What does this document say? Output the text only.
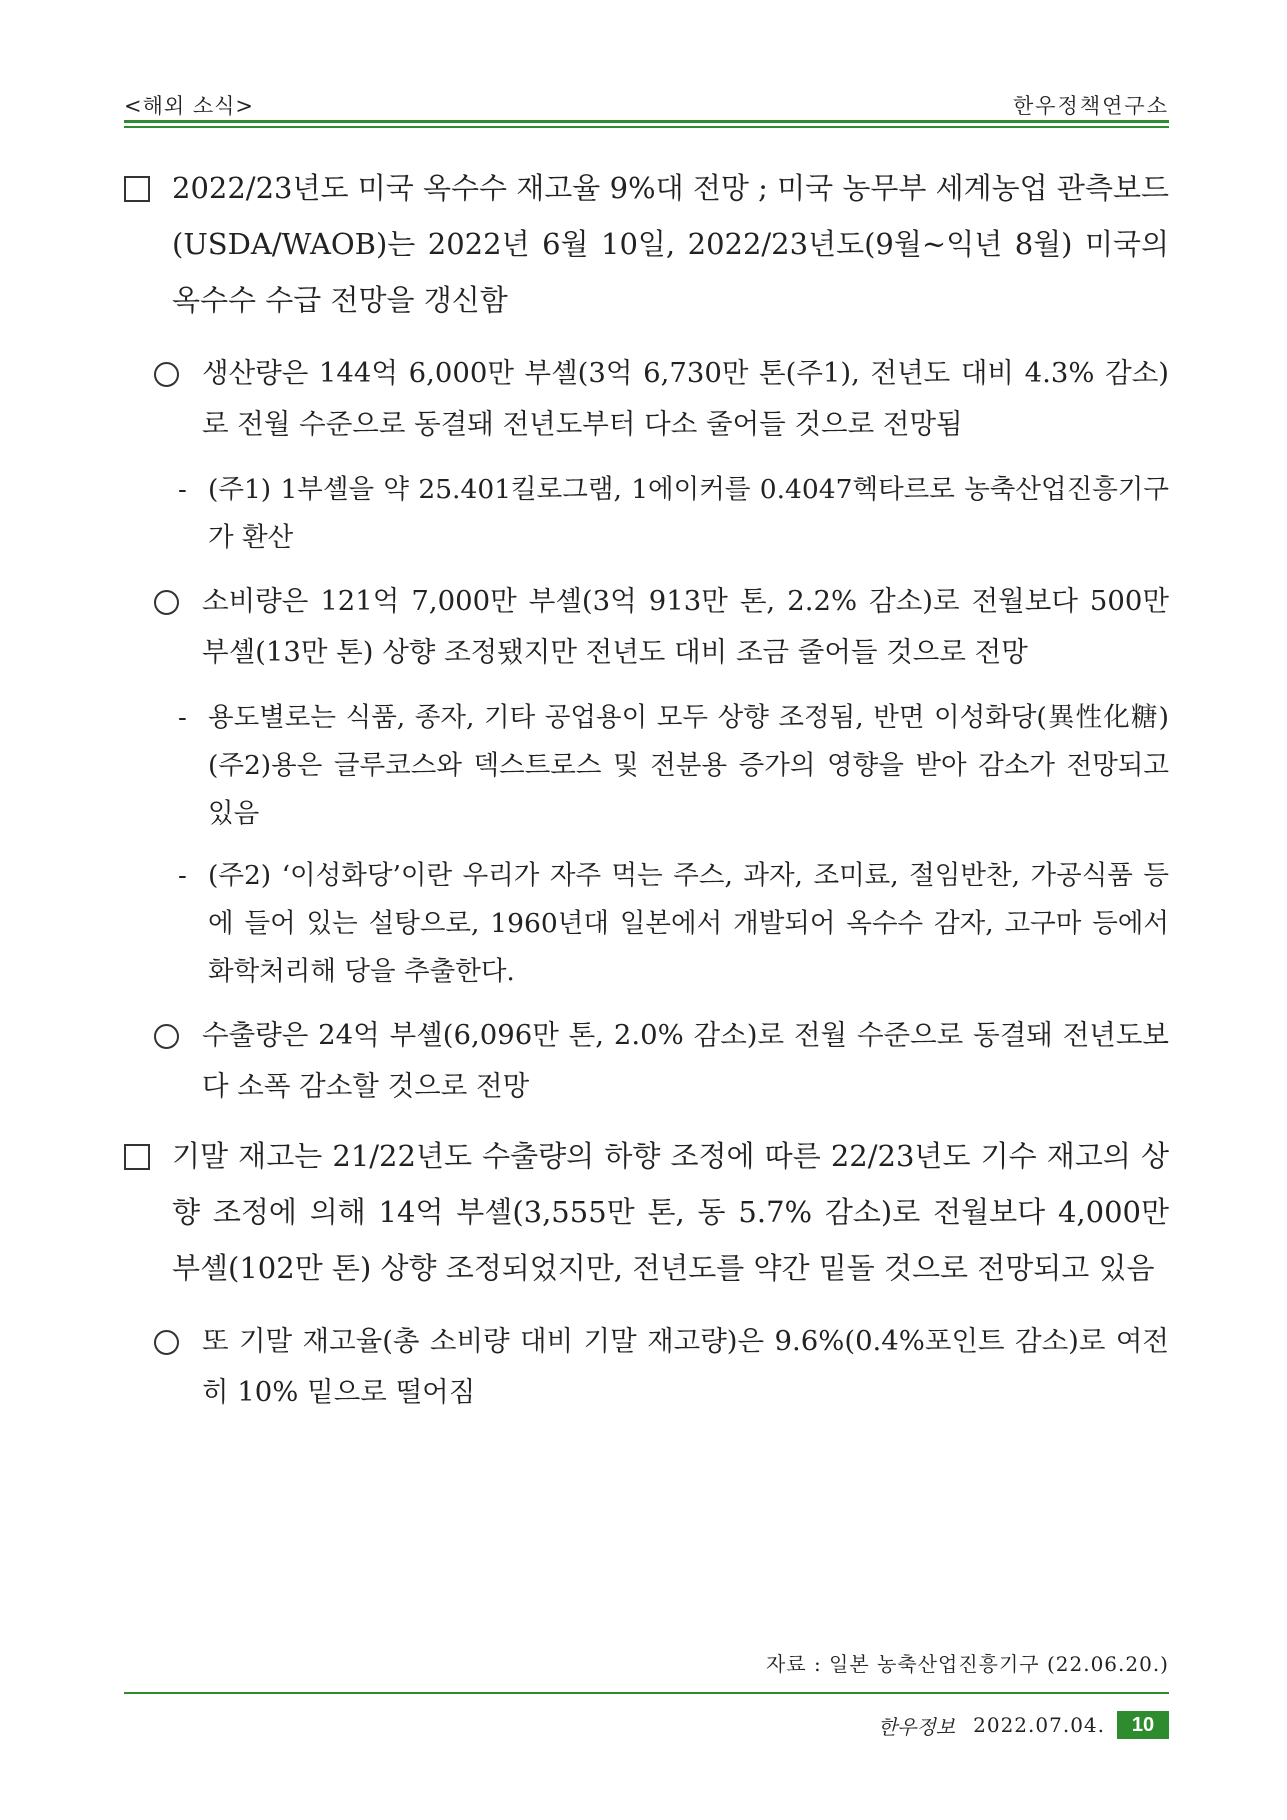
<해외 소식>	한우정책연구소
2022/23년도 미국 옥수수 재고율 9%대 전망 ; 미국 농무부 세계농업 관측보드(USDA/WAOB)는 2022년 6월 10일, 2022/23년도(9월~익년 8월) 미국의 옥수수 수급 전망을 갱신함
생산량은 144억 6,000만 부셸(3억 6,730만 톤(주1), 전년도 대비 4.3% 감소)로 전월 수준으로 동결돼 전년도부터 다소 줄어들 것으로 전망됨
- (주1) 1부셸을 약 25.401킬로그램, 1에이커를 0.4047헥타르로 농축산업진흥기구가 환산
소비량은 121억 7,000만 부셸(3억 913만 톤, 2.2% 감소)로 전월보다 500만 부셸(13만 톤) 상향 조정됐지만 전년도 대비 조금 줄어들 것으로 전망
- 용도별로는 식품, 종자, 기타 공업용이 모두 상향 조정됨, 반면 이성화당(異性化糖)(주2)용은 글루코스와 덱스트로스 및 전분용 증가의 영향을 받아 감소가 전망되고 있음
- (주2) ‘이성화당’이란 우리가 자주 먹는 주스, 과자, 조미료, 절임반찬, 가공식품 등에 들어 있는 설탕으로, 1960년대 일본에서 개발되어 옥수수 감자, 고구마 등에서 화학처리해 당을 추출한다.
수출량은 24억 부셸(6,096만 톤, 2.0% 감소)로 전월 수준으로 동결돼 전년도보다 소폭 감소할 것으로 전망
기말 재고는 21/22년도 수출량의 하향 조정에 따른 22/23년도 기수 재고의 상향 조정에 의해 14억 부셸(3,555만 톤, 동 5.7% 감소)로 전월보다 4,000만 부셸(102만 톤) 상향 조정되었지만, 전년도를 약간 밑돌 것으로 전망되고 있음
또 기말 재고율(총 소비량 대비 기말 재고량)은 9.6%(0.4%포인트 감소)로 여전히 10% 밑으로 떨어짐
자료 : 일본 농축산업진흥기구 (22.06.20.)
한우정보 2022.07.04.	10
